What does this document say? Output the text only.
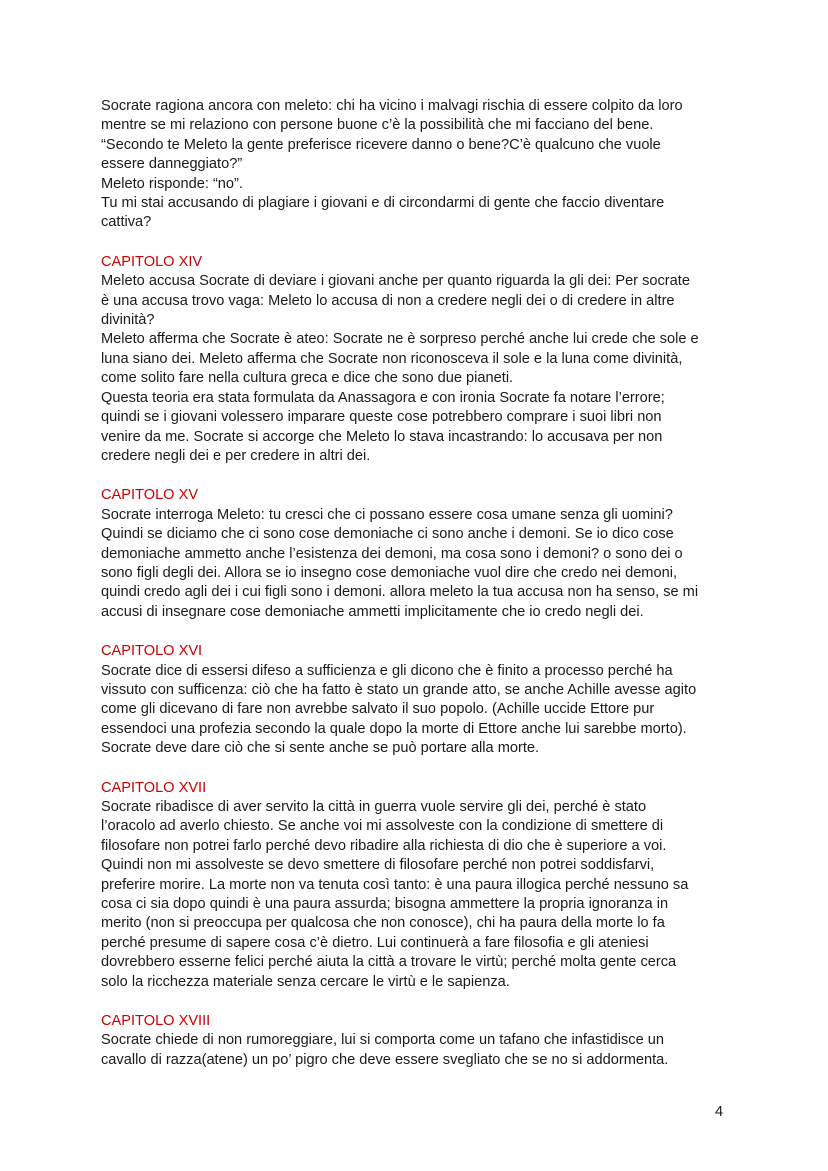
Socrate ragiona ancora con meleto: chi ha vicino i malvagi rischia di essere colpito da loro
mentre se mi relaziono con persone buone c’è la possibilità che mi facciano del bene.
“Secondo te Meleto la gente preferisce ricevere danno o bene?C’è qualcuno che vuole
essere danneggiato?”
Meleto risponde: “no”.
Tu mi stai accusando di plagiare i giovani e di circondarmi di gente che faccio diventare
cattiva?
CAPITOLO XIV
Meleto accusa Socrate di deviare i giovani anche per quanto riguarda la gli dei: Per socrate
è una accusa trovo vaga: Meleto lo accusa di non a credere negli dei o di credere in altre
divinità?
Meleto afferma che Socrate è ateo: Socrate ne è sorpreso perché anche lui crede che sole e
luna siano dei. Meleto afferma che Socrate non riconosceva il sole e la luna come divinità,
come solito fare nella cultura greca e dice che sono due pianeti.
Questa teoria era stata formulata da Anassagora e con ironia Socrate fa notare l’errore;
quindi se i giovani volessero imparare queste cose potrebbero comprare i suoi libri non
venire da me. Socrate si accorge che Meleto lo stava incastrando: lo accusava per non
credere negli dei e per credere in altri dei.
CAPITOLO XV
Socrate interroga Meleto: tu cresci che ci possano essere cosa umane senza gli uomini?
Quindi se diciamo che ci sono cose demoniache ci sono anche i demoni. Se io dico cose
demoniache ammetto anche l’esistenza dei demoni, ma cosa sono i demoni? o sono dei o
sono figli degli dei. Allora se io insegno cose demoniache vuol dire che credo nei demoni,
quindi credo agli dei i cui figli sono i demoni. allora meleto la tua accusa non ha senso, se mi
accusi di insegnare cose demoniache ammetti implicitamente che io credo negli dei.
CAPITOLO XVI
Socrate dice di essersi difeso a sufficienza e gli dicono che è finito a processo perché ha
vissuto con sufficenza: ciò che ha fatto è stato un grande atto, se anche Achille avesse agito
come gli dicevano di fare non avrebbe salvato il suo popolo. (Achille uccide Ettore pur
essendoci una profezia secondo la quale dopo la morte di Ettore anche lui sarebbe morto).
Socrate deve dare ciò che si sente anche se può portare alla morte.
CAPITOLO XVII
Socrate ribadisce di aver servito la città in guerra vuole servire gli dei, perché è stato
l’oracolo ad averlo chiesto. Se anche voi mi assolveste con la condizione di smettere di
filosofare non potrei farlo perché devo ribadire alla richiesta di dio che è superiore a voi.
Quindi non mi assolveste se devo smettere di filosofare perché non potrei soddisfarvi,
preferire morire. La morte non va tenuta così tanto: è una paura illogica perché nessuno sa
cosa ci sia dopo quindi è una paura assurda; bisogna ammettere la propria ignoranza in
merito (non si preoccupa per qualcosa che non conosce), chi ha paura della morte lo fa
perché presume di sapere cosa c’è dietro. Lui continuerà a fare filosofia e gli ateniesi
dovrebbero esserne felici perché aiuta la città a trovare le virtù; perché molta gente cerca
solo la ricchezza materiale senza cercare le virtù e le sapienza.
CAPITOLO XVIII
Socrate chiede di non rumoreggiare, lui si comporta come un tafano che infastidisce un
cavallo di razza(atene) un po’ pigro che deve essere svegliato che se no si addormenta.
4
